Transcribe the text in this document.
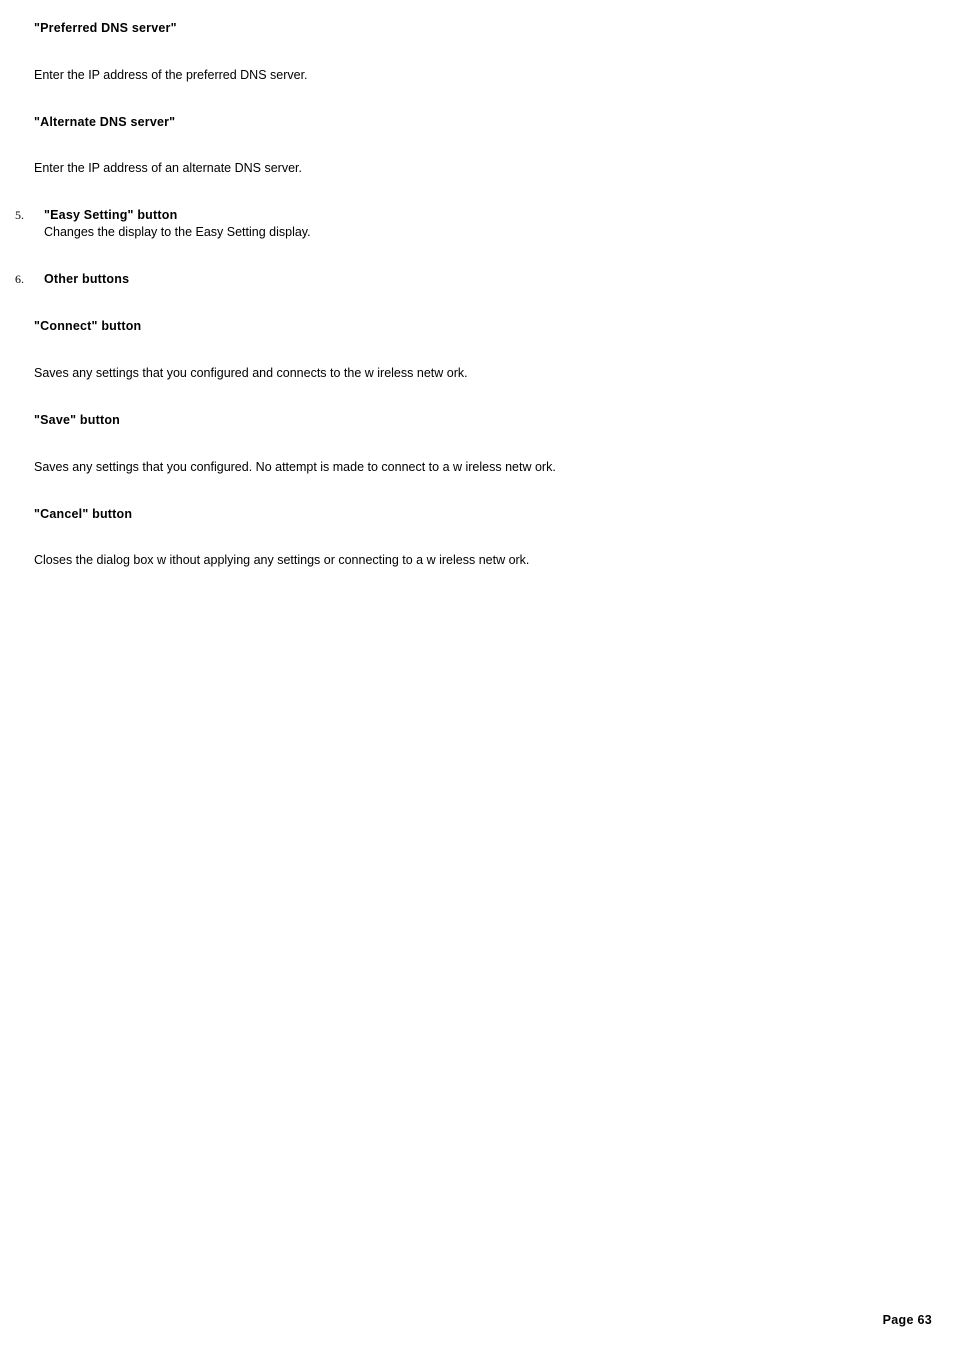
"Preferred DNS server"

Enter the IP address of the preferred DNS server.

"Alternate DNS server"

Enter the IP address of an alternate DNS server.

5. "Easy Setting" button

Changes the display to the Easy Setting display.

6. Other buttons

"Connect" button

Saves any settings that you configured and connects to the w ireless netw ork.

"Save" button

Saves any settings that you configured. No attempt is made to connect to a w ireless netw ork.

"Cancel" button

Closes the dialog box w ithout applying any settings or connecting to a w ireless netw ork.

Page 63
